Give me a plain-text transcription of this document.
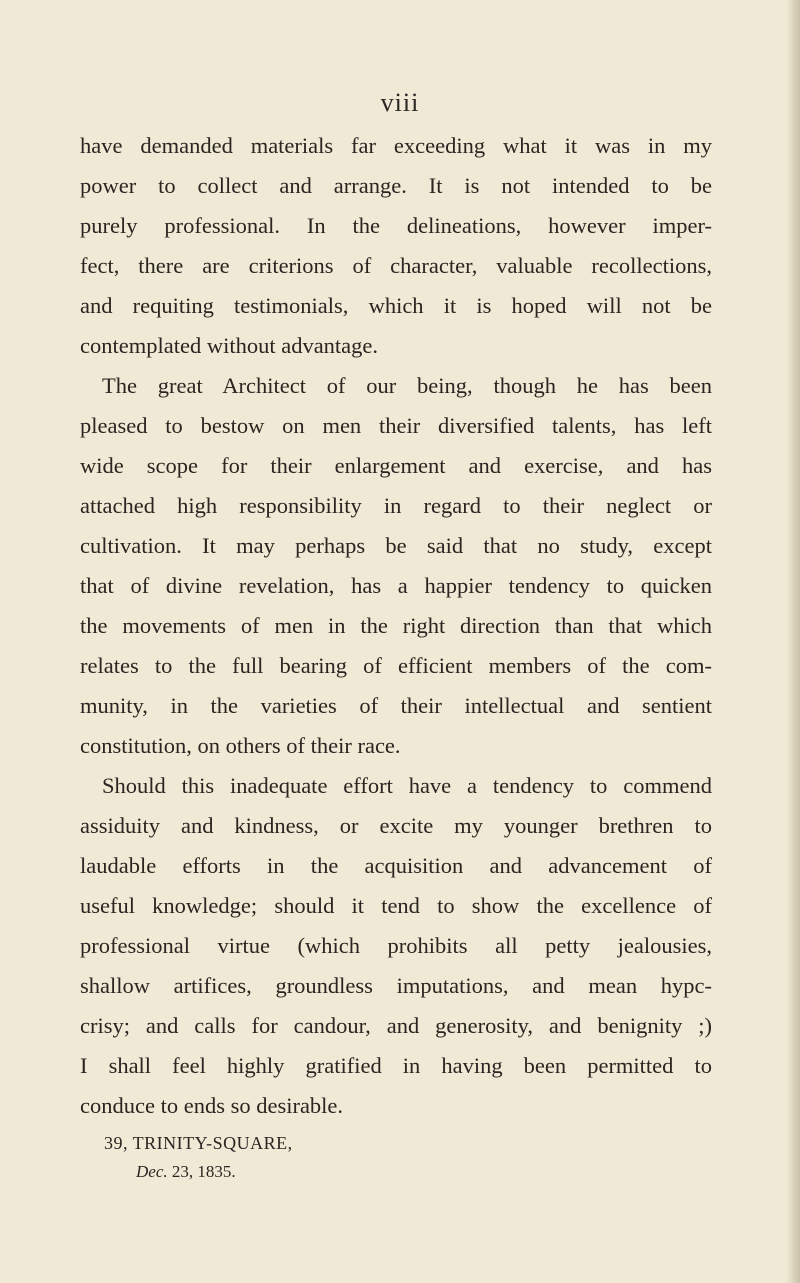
viii
have demanded materials far exceeding what it was in my
power to collect and arrange. It is not intended to be
purely professional. In the delineations, however imper-
fect, there are criterions of character, valuable recollections,
and requiting testimonials, which it is hoped will not be
contemplated without advantage.
The great Architect of our being, though he has been
pleased to bestow on men their diversified talents, has left
wide scope for their enlargement and exercise, and has
attached high responsibility in regard to their neglect or
cultivation. It may perhaps be said that no study, except
that of divine revelation, has a happier tendency to quicken
the movements of men in the right direction than that which
relates to the full bearing of efficient members of the com-
munity, in the varieties of their intellectual and sentient
constitution, on others of their race.
Should this inadequate effort have a tendency to commend
assiduity and kindness, or excite my younger brethren to
laudable efforts in the acquisition and advancement of
useful knowledge; should it tend to show the excellence of
professional virtue (which prohibits all petty jealousies,
shallow artifices, groundless imputations, and mean hypc-
crisy; and calls for candour, and generosity, and benignity ;)
I shall feel highly gratified in having been permitted to
conduce to ends so desirable.
39, TRINITY-SQUARE,
Dec. 23, 1835.
